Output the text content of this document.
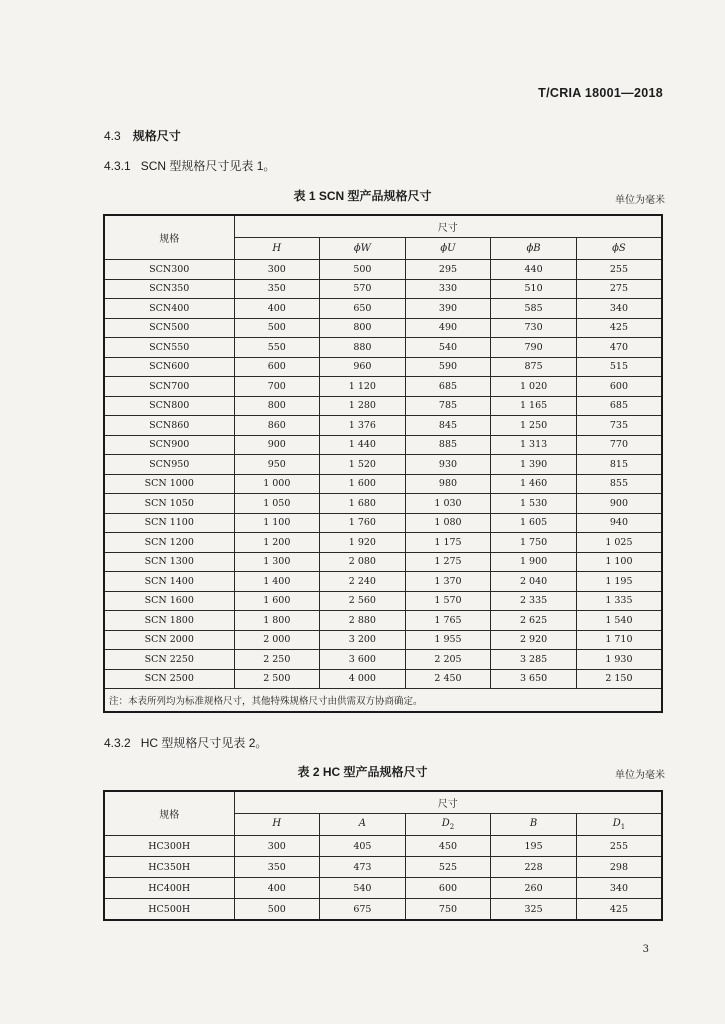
T/CRIA 18001—2018
4.3 规格尺寸
4.3.1 SCN 型规格尺寸见表 1。
表 1 SCN 型产品规格尺寸	单位为毫米
规格	尺寸				
	H	ϕW	ϕU	ϕB	ϕS
SCN300	300	500	295	440	255
SCN350	350	570	330	510	275
SCN400	400	650	390	585	340
SCN500	500	800	490	730	425
SCN550	550	880	540	790	470
SCN600	600	960	590	875	515
SCN700	700	1 120	685	1 020	600
SCN800	800	1 280	785	1 165	685
SCN860	860	1 376	845	1 250	735
SCN900	900	1 440	885	1 313	770
SCN950	950	1 520	930	1 390	815
SCN 1000	1 000	1 600	980	1 460	855
SCN 1050	1 050	1 680	1 030	1 530	900
SCN 1100	1 100	1 760	1 080	1 605	940
SCN 1200	1 200	1 920	1 175	1 750	1 025
SCN 1300	1 300	2 080	1 275	1 900	1 100
SCN 1400	1 400	2 240	1 370	2 040	1 195
SCN 1600	1 600	2 560	1 570	2 335	1 335
SCN 1800	1 800	2 880	1 765	2 625	1 540
SCN 2000	2 000	3 200	1 955	2 920	1 710
SCN 2250	2 250	3 600	2 205	3 285	1 930
SCN 2500	2 500	4 000	2 450	3 650	2 150
注：本表所列均为标准规格尺寸，其他特殊规格尺寸由供需双方协商确定。					
4.3.2 HC 型规格尺寸见表 2。
表 2 HC 型产品规格尺寸	单位为毫米
规格	尺寸				
	H	A	$D_2$	B	$D_1$
HC300H	300	405	450	195	255
HC350H	350	473	525	228	298
HC400H	400	540	600	260	340
HC500H	500	675	750	325	425
3
